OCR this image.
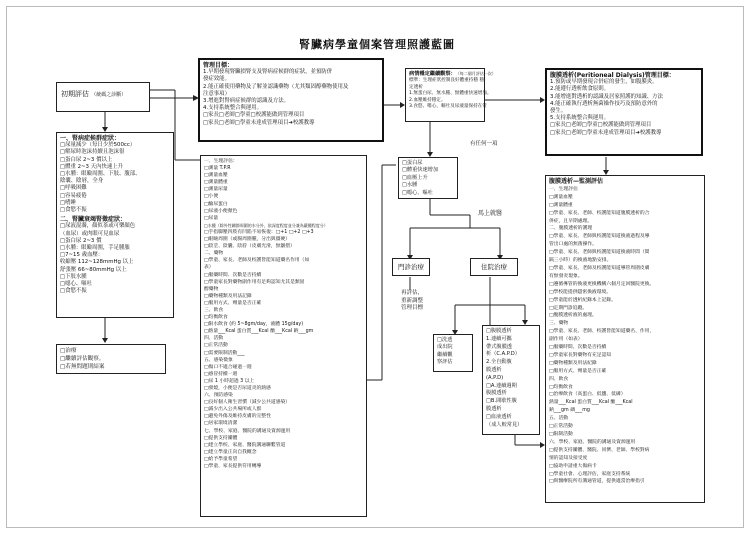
腎臟病學童個案管理照護藍圖
初期評估 （統碼之診斷）
管理目標：
1.早期發現腎臟損腎支及腎病症候群的症狀，並預防併
發症效能。
2.能正確使用藥物及了解並認識藥物（尤其類固醇藥物使用及
注意事項）
3.增進對腎病症候群的認識及方法。
4.支持系統整合與運用。
□家長□老師□學童□校護能做到管理項目
□家長□老師□學童未達成管理項目➔校護教導
病情穩定繼續觀察：（每二個月評估一次）
標準：生理症狀控制良好體重持穩 穩
定透析
1.無蛋白尿、無水腫、無體重快速增加。
2.血壓維持穩定。
3.食慾、嗜心、嘔吐及尿液量保持在常
腹膜透析(Peritioneal Dialysis)管理目標：
1.預防或早期發現合併症的發生，如腹膜炎。
2.能遵行透析飲食原則。
3.能增進對透析的認識及居家照護的知識、方法
4.能正確執行透析無菌操作技巧及預防意外的
發生。
5.支持系統整合與運用。
□家長□老師□學童□校護能做到管理項目
□家長□老師□學童未達成管理項目➔校護教導
一、腎病症候群症狀：
□尿量減少（每日少於500cc）
□解尿時泡沫持續且泡沫很
□蛋白尿 2~3 價以上
□體重 2~3 天內快速上升
□水腫：眼瞼周圍、下肢、腹部、
陰囊、陰唇，全身
□呼吸困難
□容易疲倦
□嗜睡
□食慾不振
二、腎臟衰竭腎徵症狀：
□尿液混濁，顏似茶或可樂顏色
（血尿）或肉眼可見血尿
□蛋白尿 2~3 價
□水腫：眼瞼周圍，手足腫脹
□7~15 歲血壓：
收縮壓 112~128mmHg 以上
舒張壓 66~80mmHg 以上
□下肢水腫
□噁心、嘔吐
□食慾不振
□治療
□繼續評估觀察。
□若無問題則結案
一、生理評估：
□測量 T.P.R
□測量血壓
□測量體重
□測量尿量
□小便
□驗尿蛋白
□尿液小便顏色
□尿量
□水腫（除外性關節周圍的水分外，依深度程度並分兼為嚴腫程度分）
□手指脚壓四肢有凹陷不易恢復：□+1 □+2 □+3
□眼瞼周圍（或腸周圍腫，分出與僵硬）
□陰莖、陰囊、陰唇（皮膚光滑，無皺摺）
二、藥物
□學童、家長、老師及校護皆能知道藥名作用（如
表）
□服藥時間、次數是否持續
□學童家長對藥物副作用有足夠認知尤其是類固
醇藥物
□藥物種類及用法記錄
□服用方式、劑量是否正確
三、飲食
□均衡飲食
□限水飲食 (約 5~8gm/day，液體 15g/day)
□熱量___Kcal 蛋白質___Kcal 醣___Kcal 鈉___gm
四、活動
□正常活動
□需要限制活動___
五、感染徵象
□傷口不適合碰過一週
□感冒持續一週
□尿 1 小時超過 3 以上
□發燒，小便是否尿道炎的熱感
六、預防感染
□良好個人衛生習慣（減少公共道感染）
□減少出入公共場所或人群
□避免外傷及維持皮膚的完整性
□居家環境清潔
七、學校、家庭、醫院的溝通及資源運用
□提供支持團體
□建立學校、家庭、醫院溝通聯繫管道
□建立學童正向自我概念
□給予學童希望
□學童、家長提供符用轉導
□蛋白尿
□體重快速增加
□血壓上升
□水腫
□噁心、嘔吐
有任何一項
馬上就醫
門診治療	住院治療
再評估，
重新調整
管理目標
□洗透
成出院
繼續觀
察評估
□腹膜透析
1.連續可攜
帶式腹膜透
析（C.A.P.D）
2.全自動腹
膜透析
(A.P.D)
□A.連續週期
腹膜透析
□B.間歇性腹
膜透析
□血液透析
（成人較常見）
腹膜透析—監測評估
一、生理評估
□測量血壓
□測量體重
□學童、家長、老師、校護能知道腹膜透析的合
併症，且早期處理。
二、腹膜透析的護理
□學童、家長、老師與校護能知道換液過程及導
管出口處的無菌操作。
□學童、家長、老師與校護能知道換液時間（間
隔三小時）的換液地點安排。
□學童、家長、老師及校護能知道導管周圍皮膚
有無發炎現象。
□遵循導管的換液更換機構六個月定回醫院更換。
□學校能提供隱密換液環境。
□學童能於透析紀錄本上記錄。
□定期門診追蹤。
□腹膜透析液的處理。
三、藥物
□學童、家長、老師、校護皆能知道藥名、作用，
副作用（如表）
□服藥時間、次數是否持續
□學童家長對藥物有充足認知
□藥物種類及用法紀錄
□服用方式、劑量是否正確
四、飲食
□均衡飲食
□治療飲食（高蛋白、低鹽、低磷）
熱量___Kcal 蛋白質___Kcal 醣___Kcal
鈉___gm 磷___mg
五、活動
□正常活動
□限制活動
六、學校、家庭、醫院的溝通及資源運用
□提供支持團體、醫院、同儕、老師、學校對病
情的認知及接受度
□協助申請重大傷病卡
□學童社會、心理評估，家庭支持系統
□與醫療院所有溝通管道，提供適當治療指引
